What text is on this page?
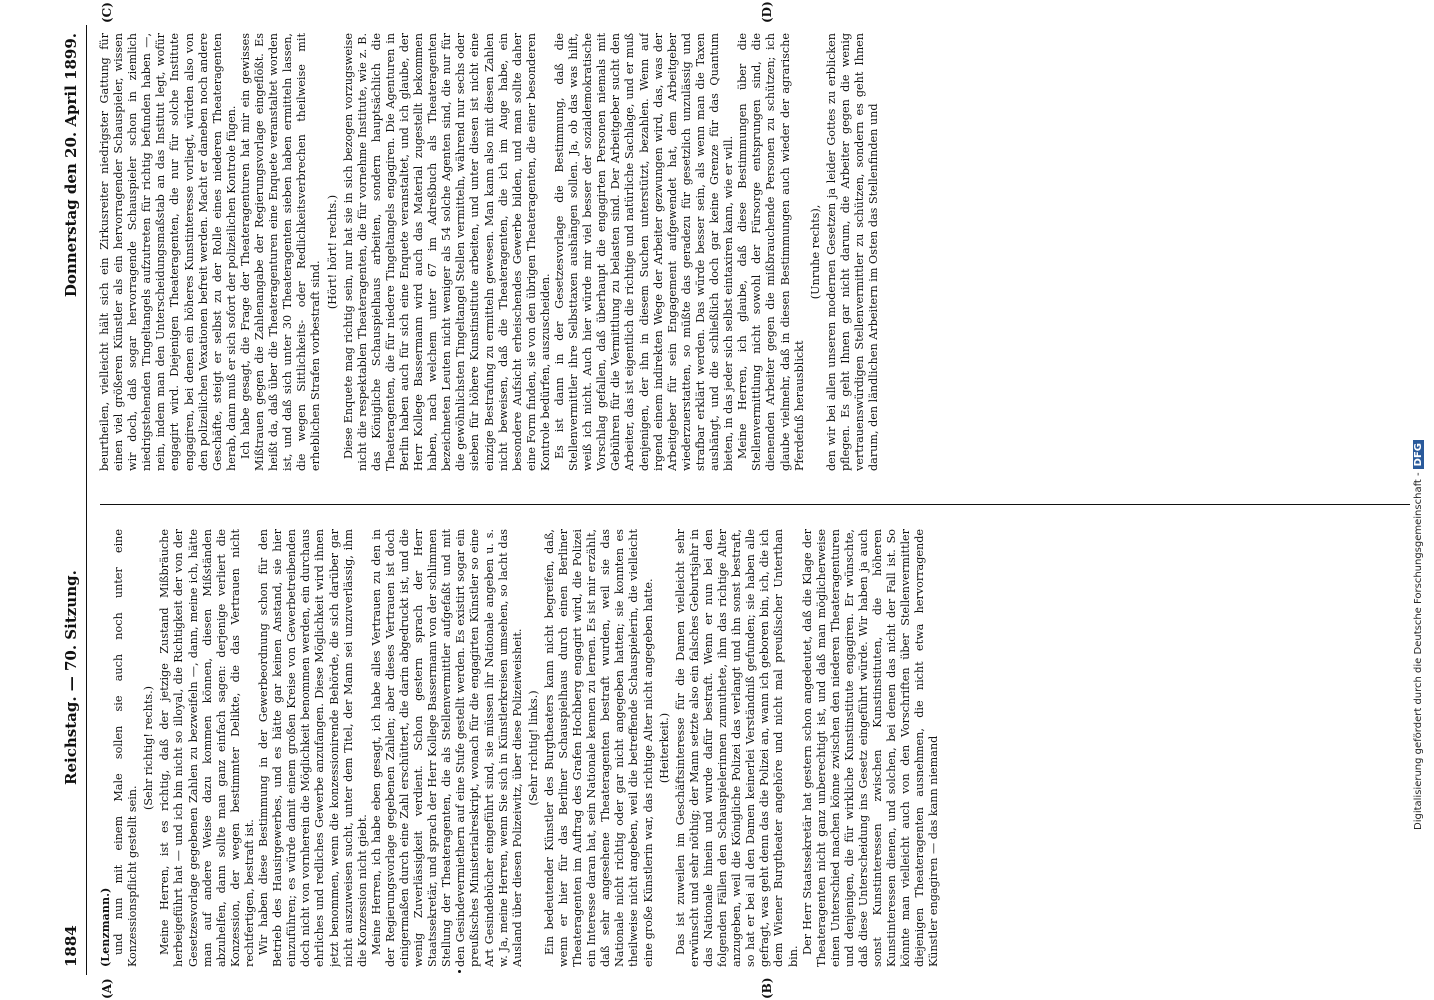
1884
Reichstag. — 70. Sitzung.
Donnerstag den 20. April 1899.
(A)	(B)
(C)	(D)

(Lenzmann.) und nun mit einem Male sollen sie auch noch unter eine Konzessionspflicht gestellt sein.

(Sehr richtig! rechts.) Meine Herren, ist es richtig, daß der jetzige Zustand Mißbräuche herbeigeführt hat — und ich bin nicht so illoyal, die Richtigkeit der von der Gesetzesvorlage gegebenen Zahlen zu bezweifeln —, dann, meine ich, hätte man auf andere Weise dazu kommen können, diesen Mißständen abzuhelfen, dann sollte man ganz einfach sagen: derjenige verliert die Konzession, der wegen bestimmter Delikte, die das Vertrauen nicht rechtfertigen, bestraft ist. Wir haben diese Bestimmung in der Gewerbeordnung schon für den Betrieb des Hausirgewerbes, und es hätte gar keinen Anstand, sie hier einzuführen; es würde damit einem großen Kreise von Gewerbetreibenden doch nicht von vornherein die Möglichkeit benommen werden, ein durchaus ehrliches und redliches Gewerbe anzufangen. Diese Möglichkeit wird ihnen jetzt benommen, wenn die konzessionirende Behörde, die sich darüber gar nicht auszuweisen sucht, unter dem Titel, der Mann sei unzuverlässig, ihm die Konzession nicht giebt. Meine Herren, ich habe eben gesagt, ich habe alles Vertrauen zu den in der Regierungsvorlage gegebenen Zahlen; aber dieses Vertrauen ist doch einigermaßen durch eine Zahl erschüttert, die darin abgedruckt ist, und die wenig Zuverlässigkeit verdient. Schon gestern sprach der Herr Staatssekretär, und sprach der Herr Kollege Bassermann von der schlimmen Stellung der Theateragenten, die als Stellenvermittler aufgefaßt und mit den Gesindevermiethern auf eine Stufe gestellt werden. Es existirt sogar ein preußisches Ministerialreskript, wonach für die engagirten Künstler so eine Art Gesindebücher eingeführt sind, sie müssen ihr Nationale angeben u. s. w. Ja, meine Herren, wenn Sie sich in Künstlerkreisen umsehen, so lacht das Ausland über diesen Polizeiwitz, über diese Polizeiweisheit. (Sehr richtig! links.) Ein bedeutender Künstler des Burgtheaters kann nicht begreifen, daß, wenn er hier für das Berliner Schauspielhaus durch einen Berliner Theateragenten im Auftrag des Grafen Hochberg engagirt wird, die Polizei ein Interesse daran hat, sein Nationale kennen zu lernen. Es ist mir erzählt, daß sehr angesehene Theateragenten bestraft wurden, weil sie das Nationale nicht richtig oder gar nicht angegeben hatten; sie konnten es theilweise nicht angeben, weil die betreffende Schauspielerin, die vielleicht eine große Künstlerin war, das richtige Alter nicht angegeben hatte. (Heiterkeit.) Das ist zuweilen im Geschäftsinteresse für die Damen vielleicht sehr erwünscht und sehr nöthig; der Mann setzte also ein falsches Geburtsjahr in das Nationale hinein und wurde dafür bestraft. Wenn er nun bei den folgenden Fällen den Schauspielerinnen zumuthete, ihm das richtige Alter anzugeben, weil die Königliche Polizei das verlangt und ihn sonst bestraft, so hat er bei all den Damen keinerlei Verständniß gefunden; sie haben alle gefragt, was geht denn das die Polizei an, wann ich geboren bin, ich, die ich dem Wiener Burgtheater angehöre und nicht mal preußischer Unterthan bin.

Der Herr Staatssekretär hat gestern schon angedeutet, daß die Klage der Theateragenten nicht ganz unberechtigt ist, und daß man möglicherweise einen Unterschied machen könne zwischen den niederen Theateragenturen und denjenigen, die für wirkliche Kunstinstitute engagiren. Er wünschte, daß diese Unterscheidung ins Gesetz eingeführt würde. Wir haben ja auch sonst Kunstinteressen zwischen Kunstinstituten, die höheren Kunstinteressen dienen, und solchen, bei denen das nicht der Fall ist. So könnte man vielleicht auch von den Vorschriften über Stellenvermittler diejenigen Theateragenten ausnehmen, die nicht etwa hervorragende Künstler engagiren — das kann niemand

beurtheilen, vielleicht hält sich ein Zirkusreiter niedrigster Gattung für einen viel größeren Künstler als ein hervorragender Schauspieler, wissen wir doch, daß sogar hervorragende Schauspieler schon in ziemlich niedrigstehenden Tingeltangels aufzutreten für richtig befunden haben —, nein, indem man den Unterscheidungsmaßstab an das Institut legt, wofür engagirt wird. Diejenigen Theateragenten, die nur für solche Institute engagiren, bei denen ein höheres Kunstinteresse vorliegt, würden also von den polizeilichen Vexationen befreit werden. Macht er daneben noch andere Geschäfte, steigt er selbst zu der Rolle eines niederen Theateragenten herab, dann muß er sich sofort der polizeilichen Kontrole fügen. Ich habe gesagt, die Frage der Theateragenturen hat mir ein gewisses Mißtrauen gegen die Zahlenangabe der Regierungsvorlage eingeflößt. Es heißt da, daß über die Theateragenturen eine Enquete veranstaltet worden ist, und daß sich unter 30 Theateragenten sieben haben ermitteln lassen, die wegen Sittlichkeits- oder Redlichkeitsverbrechen theilweise mit erheblichen Strafen vorbestraft sind.

(Hört! hört! rechts.) Diese Enquete mag richtig sein, nur hat sie in sich bezogen vorzugsweise nicht die respektablen Theateragenten, die für vornehme Institute, wie z. B. das Königliche Schauspielhaus arbeiten, sondern hauptsächlich die Theateragenten, die für niedere Tingeltangels engagiren. Die Agenturen in Berlin haben auch für sich eine Enquete veranstaltet, und ich glaube, der Herr Kollege Bassermann wird auch das Material zugestellt bekommen haben, nach welchem unter 67 im Adreßbuch als Theateragenten bezeichneten Leuten nicht weniger als 54 solche Agenten sind, die nur für die gewöhnlichsten Tingeltangel Stellen vermitteln, während nur sechs oder sieben für höhere Kunstinstitute arbeiten, und unter diesen ist nicht eine einzige Bestrafung zu ermitteln gewesen. Man kann also mit diesen Zahlen nicht beweisen, daß die Theateragenten, die ich im Auge habe, ein besondere Aufsicht erheischendes Gewerbe bilden, und man sollte daher eine Form finden, sie von den übrigen Theateragenten, die einer besonderen Kontrole bedürfen, auszuscheiden. Es ist dann in der Gesetzesvorlage die Bestimmung, daß die Stellenvermittler ihre Selbsttaxen aushängen sollen. Ja, ob das was hilft, weiß ich nicht. Auch hier würde mir viel besser der sozialdemokratische Vorschlag gefallen, daß überhaupt die engagirten Personen niemals mit Gebühren für die Vermittlung zu belasten sind. Der Arbeitgeber sucht den Arbeiter, das ist eigentlich die richtige und natürliche Sachlage, und er muß denjenigen, der ihn in diesem Suchen unterstützt, bezahlen. Wenn auf irgend einem indirekten Wege der Arbeiter gezwungen wird, das, was der Arbeitgeber für sein Engagement aufgewendet hat, dem Arbeitgeber wiederzuerstatten, so müßte das geradezu für gesetzlich unzulässig und strafbar erklärt werden. Das würde besser sein, als wenn man die Taxen aushängt, und die schließlich doch gar keine Grenze für das Quantum bieten, in das jeder sich selbst eintaxiren kann, wie er will. Meine Herren, ich glaube, daß diese Bestimmungen über die Stellenvermittlung nicht sowohl der Fürsorge entsprungen sind, die dienenden Arbeiter gegen die mißbrauchende Personen zu schützen; ich glaube vielmehr, daß in diesen Bestimmungen auch wieder der agrarische Pferdefuß herausblickt

(Unruhe rechts), den wir bei allen unseren modernen Gesetzen ja leider Gottes zu erblicken pflegen. Es geht Ihnen gar nicht darum, die Arbeiter gegen die wenig vertrauenswürdigen Stellenvermittler zu schützen, sondern es geht Ihnen darum, den ländlichen Arbeitern im Osten das Stellenfinden und

Digitalisierung gefördert durch die Deutsche Forschungsgemeinschaft -DFG
